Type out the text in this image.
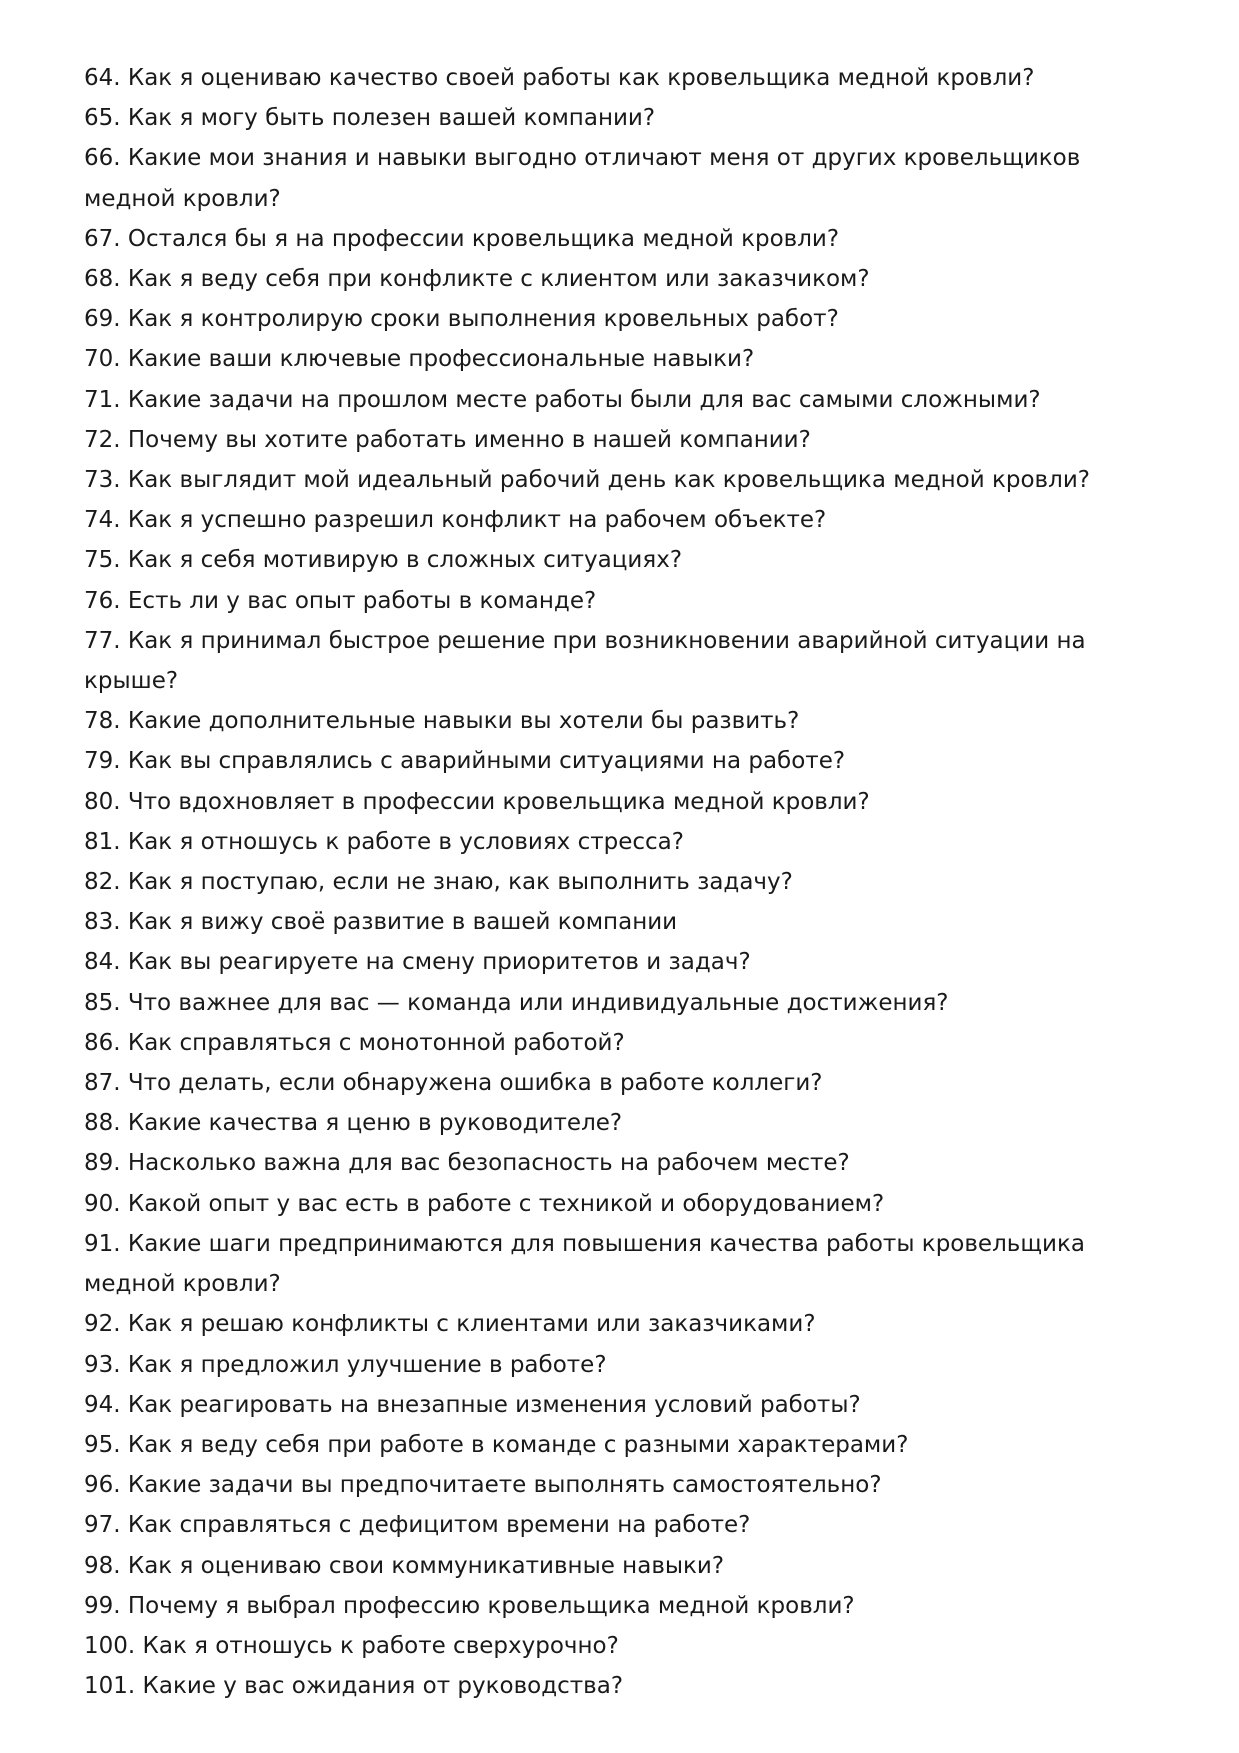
64. Как я оцениваю качество своей работы как кровельщика медной кровли?

65. Как я могу быть полезен вашей компании?

66. Какие мои знания и навыки выгодно отличают меня от других кровельщиков медной кровли?

67. Остался бы я на профессии кровельщика медной кровли?

68. Как я веду себя при конфликте с клиентом или заказчиком?

69. Как я контролирую сроки выполнения кровельных работ?

70. Какие ваши ключевые профессиональные навыки?

71. Какие задачи на прошлом месте работы были для вас самыми сложными?

72. Почему вы хотите работать именно в нашей компании?

73. Как выглядит мой идеальный рабочий день как кровельщика медной кровли?

74. Как я успешно разрешил конфликт на рабочем объекте?

75. Как я себя мотивирую в сложных ситуациях?

76. Есть ли у вас опыт работы в команде?

77. Как я принимал быстрое решение при возникновении аварийной ситуации на крыше?

78. Какие дополнительные навыки вы хотели бы развить?

79. Как вы справлялись с аварийными ситуациями на работе?

80. Что вдохновляет в профессии кровельщика медной кровли?

81. Как я отношусь к работе в условиях стресса?

82. Как я поступаю, если не знаю, как выполнить задачу?

83. Как я вижу своё развитие в вашей компании

84. Как вы реагируете на смену приоритетов и задач?

85. Что важнее для вас — команда или индивидуальные достижения?

86. Как справляться с монотонной работой?

87. Что делать, если обнаружена ошибка в работе коллеги?

88. Какие качества я ценю в руководителе?

89. Насколько важна для вас безопасность на рабочем месте?

90. Какой опыт у вас есть в работе с техникой и оборудованием?

91. Какие шаги предпринимаются для повышения качества работы кровельщика медной кровли?

92. Как я решаю конфликты с клиентами или заказчиками?

93. Как я предложил улучшение в работе?

94. Как реагировать на внезапные изменения условий работы?

95. Как я веду себя при работе в команде с разными характерами?

96. Какие задачи вы предпочитаете выполнять самостоятельно?

97. Как справляться с дефицитом времени на работе?

98. Как я оцениваю свои коммуникативные навыки?

99. Почему я выбрал профессию кровельщика медной кровли?

100. Как я отношусь к работе сверхурочно?

101. Какие у вас ожидания от руководства?
